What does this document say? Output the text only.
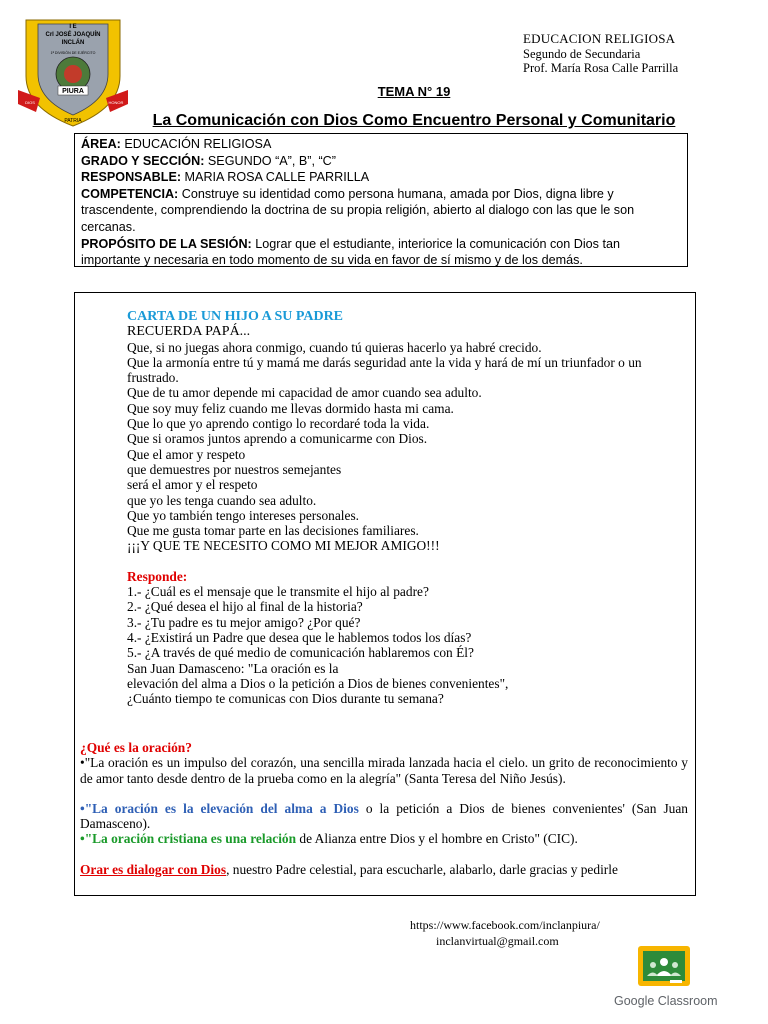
PIURA
I E
Crl JOSÉ JOAQUÍN
INCLÁN
1ª DIVISIÓN DE EJÉRCITO
DIOS	HONOR
PATRIA
EDUCACION RELIGIOSA
Segundo de Secundaria
Prof. María Rosa Calle Parrilla
TEMA N° 19
La Comunicación con Dios Como Encuentro Personal y Comunitario

ÁREA: EDUCACIÓN RELIGIOSA

GRADO Y SECCIÓN: SEGUNDO “A”, B”, “C”

RESPONSABLE: MARIA ROSA CALLE PARRILLA

COMPETENCIA: Construye su identidad como persona humana, amada por Dios, digna libre y trascendente, comprendiendo la doctrina de su propia religión, abierto al dialogo con las que le son cercanas.

PROPÓSITO DE LA SESIÓN: Lograr que el estudiante, interiorice la comunicación con Dios tan importante y necesaria en todo momento de su vida en favor de sí mismo y de los demás.

CARTA DE UN HIJO A SU PADRE

RECUERDA PAPÁ...

Que, si no juegas ahora conmigo, cuando tú quieras hacerlo ya habré crecido.

Que la armonía entre tú y mamá me darás seguridad ante la vida y hará de mí un triunfador o un frustrado.

Que de tu amor depende mi capacidad de amor cuando sea adulto.

Que soy muy feliz cuando me llevas dormido hasta mi cama.

Que lo que yo aprendo contigo lo recordaré toda la vida.

Que si oramos juntos aprendo a comunicarme con Dios.

Que el amor y respeto

que demuestres por nuestros semejantes

será el amor y el respeto

que yo les tenga cuando sea adulto.

Que yo también tengo intereses personales.

Que me gusta tomar parte en las decisiones familiares.

¡¡¡Y QUE TE NECESITO COMO MI MEJOR AMIGO!!!

Responde:

1.- ¿Cuál es el mensaje que le transmite el hijo al padre?

2.- ¿Qué desea el hijo al final de la historia?

3.- ¿Tu padre es tu mejor amigo? ¿Por qué?

4.- ¿Existirá un Padre que desea que le hablemos todos los días?

5.- ¿A través de qué medio de comunicación hablaremos con Él?

San Juan Damasceno: "La oración es la

elevación del alma a Dios o la petición a Dios de bienes convenientes",

¿Cuánto tiempo te comunicas con Dios durante tu semana?

¿Qué es la oración?

•"La oración es un impulso del corazón, una sencilla mirada lanzada hacia el cielo. un grito de reconocimiento y de amor tanto desde dentro de la prueba como en la alegría" (Santa Teresa del Niño Jesús).

•"La oración es la elevación del alma a Dios o la petición a Dios de bienes convenientes' (San Juan Damasceno).

•"La oración cristiana es una relación de Alianza entre Dios y el hombre en Cristo" (CIC).

Orar es dialogar con Dios, nuestro Padre celestial, para escucharle, alabarlo, darle gracias y pedirle

https://www.facebook.com/inclanpiura/
inclanvirtual@gmail.com
Google Classroom
